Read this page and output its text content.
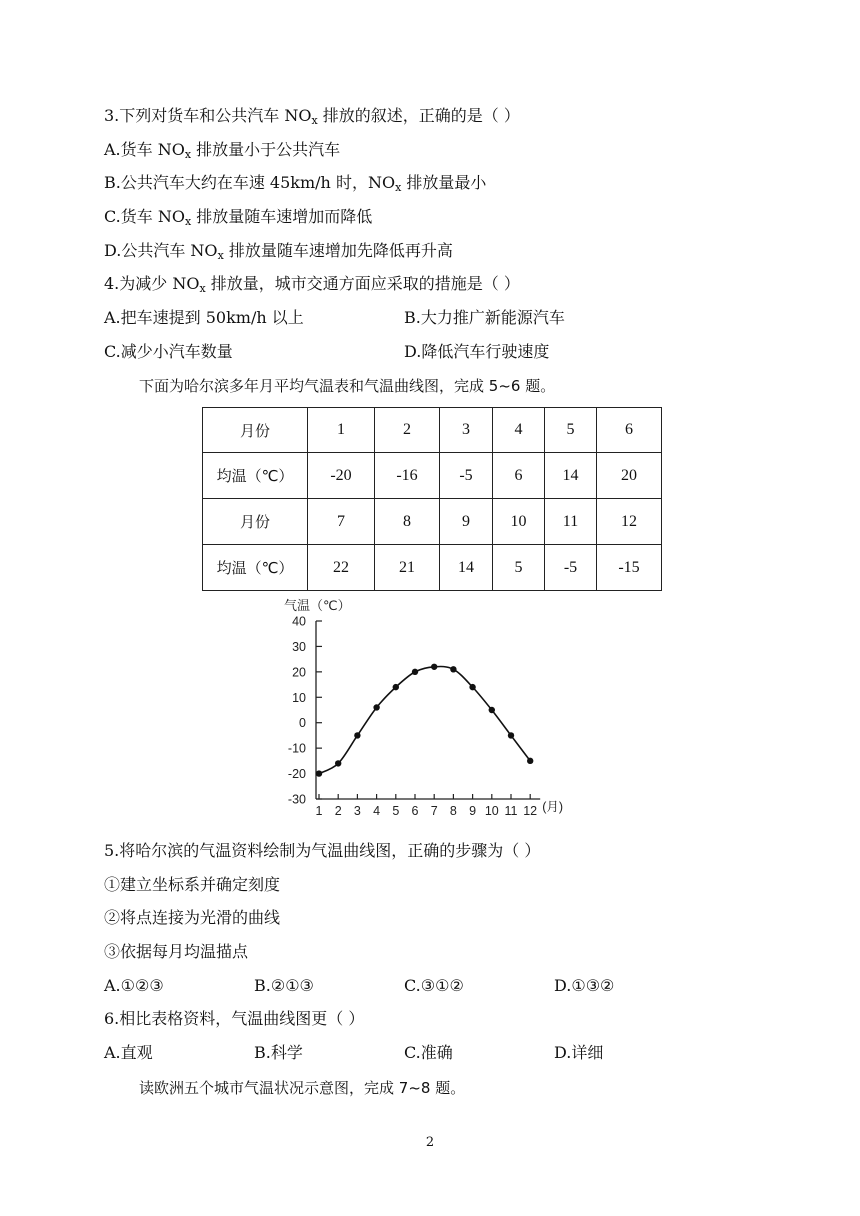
3.下列对货车和公共汽车 $NO_x$ 排放的叙述，正确的是（ ）
A.货车 $NO_x$ 排放量小于公共汽车
B.公共汽车大约在车速 45km/h 时，$NO_x$ 排放量最小
C.货车 $NO_x$ 排放量随车速增加而降低
D.公共汽车 $NO_x$ 排放量随车速增加先降低再升高
4.为减少 $NO_x$ 排放量，城市交通方面应采取的措施是（ ）
A.把车速提到 50km/h 以上	B.大力推广新能源汽车
C.减少小汽车数量	D.降低汽车行驶速度
下面为哈尔滨多年月平均气温表和气温曲线图，完成 5~6 题。
月份	1	2	3	4	5	6
均温（℃）	-20	-16	-5	6	14	20
月份	7	8	9	10	11	12
均温（℃）	22	21	14	5	-5	-15
气温（℃）
40
30
20
10
0
-10
-20
-30
1 2 3 4 5 6 7 8 9 10 11 12 (月)
5.将哈尔滨的气温资料绘制为气温曲线图，正确的步骤为（ ）
①建立坐标系并确定刻度
②将点连接为光滑的曲线
③依据每月均温描点
A.①②③	B.②①③	C.③①②	D.①③②
6.相比表格资料，气温曲线图更（ ）
A.直观	B.科学	C.准确	D.详细
读欧洲五个城市气温状况示意图，完成 7~8 题。
2
